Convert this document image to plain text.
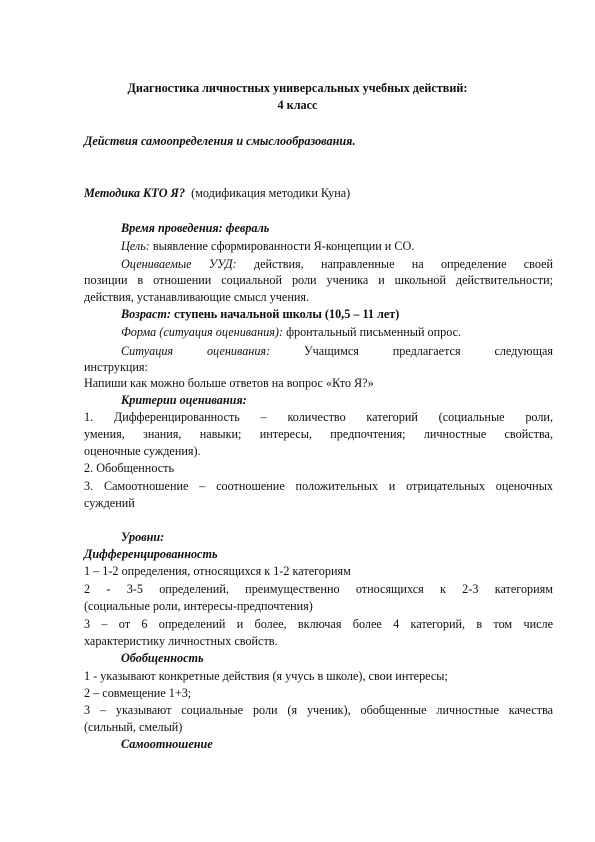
Диагностика личностных универсальных учебных действий:
4 класс
Действия самоопределения и смыслообразования.
Методика КТО Я? (модификация методики Куна)
Время проведения: февраль
Цель: выявление сформированности Я-концепции и СО.
Оцениваемые УУД: действия, направленные на определение своей
позиции в отношении социальной роли ученика и школьной действительности;
действия, устанавливающие смысл учения.
Возраст: ступень начальной школы (10,5 – 11 лет)
Форма (ситуация оценивания): фронтальный письменный опрос.
Ситуация оценивания:	Учащимся предлагается следующая
инструкция:
Напиши как можно больше ответов на вопрос «Кто Я?»
Критерии оценивания:
1. Дифференцированность – количество категорий (социальные роли,
умения, знания, навыки; интересы, предпочтения; личностные свойства,
оценочные суждения).
2. Обобщенность
3. Самоотношение – соотношение положительных и отрицательных оценочных
суждений
Уровни:
Дифференцированность
1 – 1-2 определения, относящихся к 1-2 категориям
2 - 3-5 определений, преимущественно относящихся к 2-3 категориям
(социальные роли, интересы-предпочтения)
3 – от 6 определений и более, включая более 4 категорий, в том числе
характеристику личностных свойств.
Обобщенность
1 - указывают конкретные действия (я учусь в школе), свои интересы;
2 – совмещение 1+3;
3 – указывают социальные роли (я ученик), обобщенные личностные качества
(сильный, смелый)
Самоотношение
